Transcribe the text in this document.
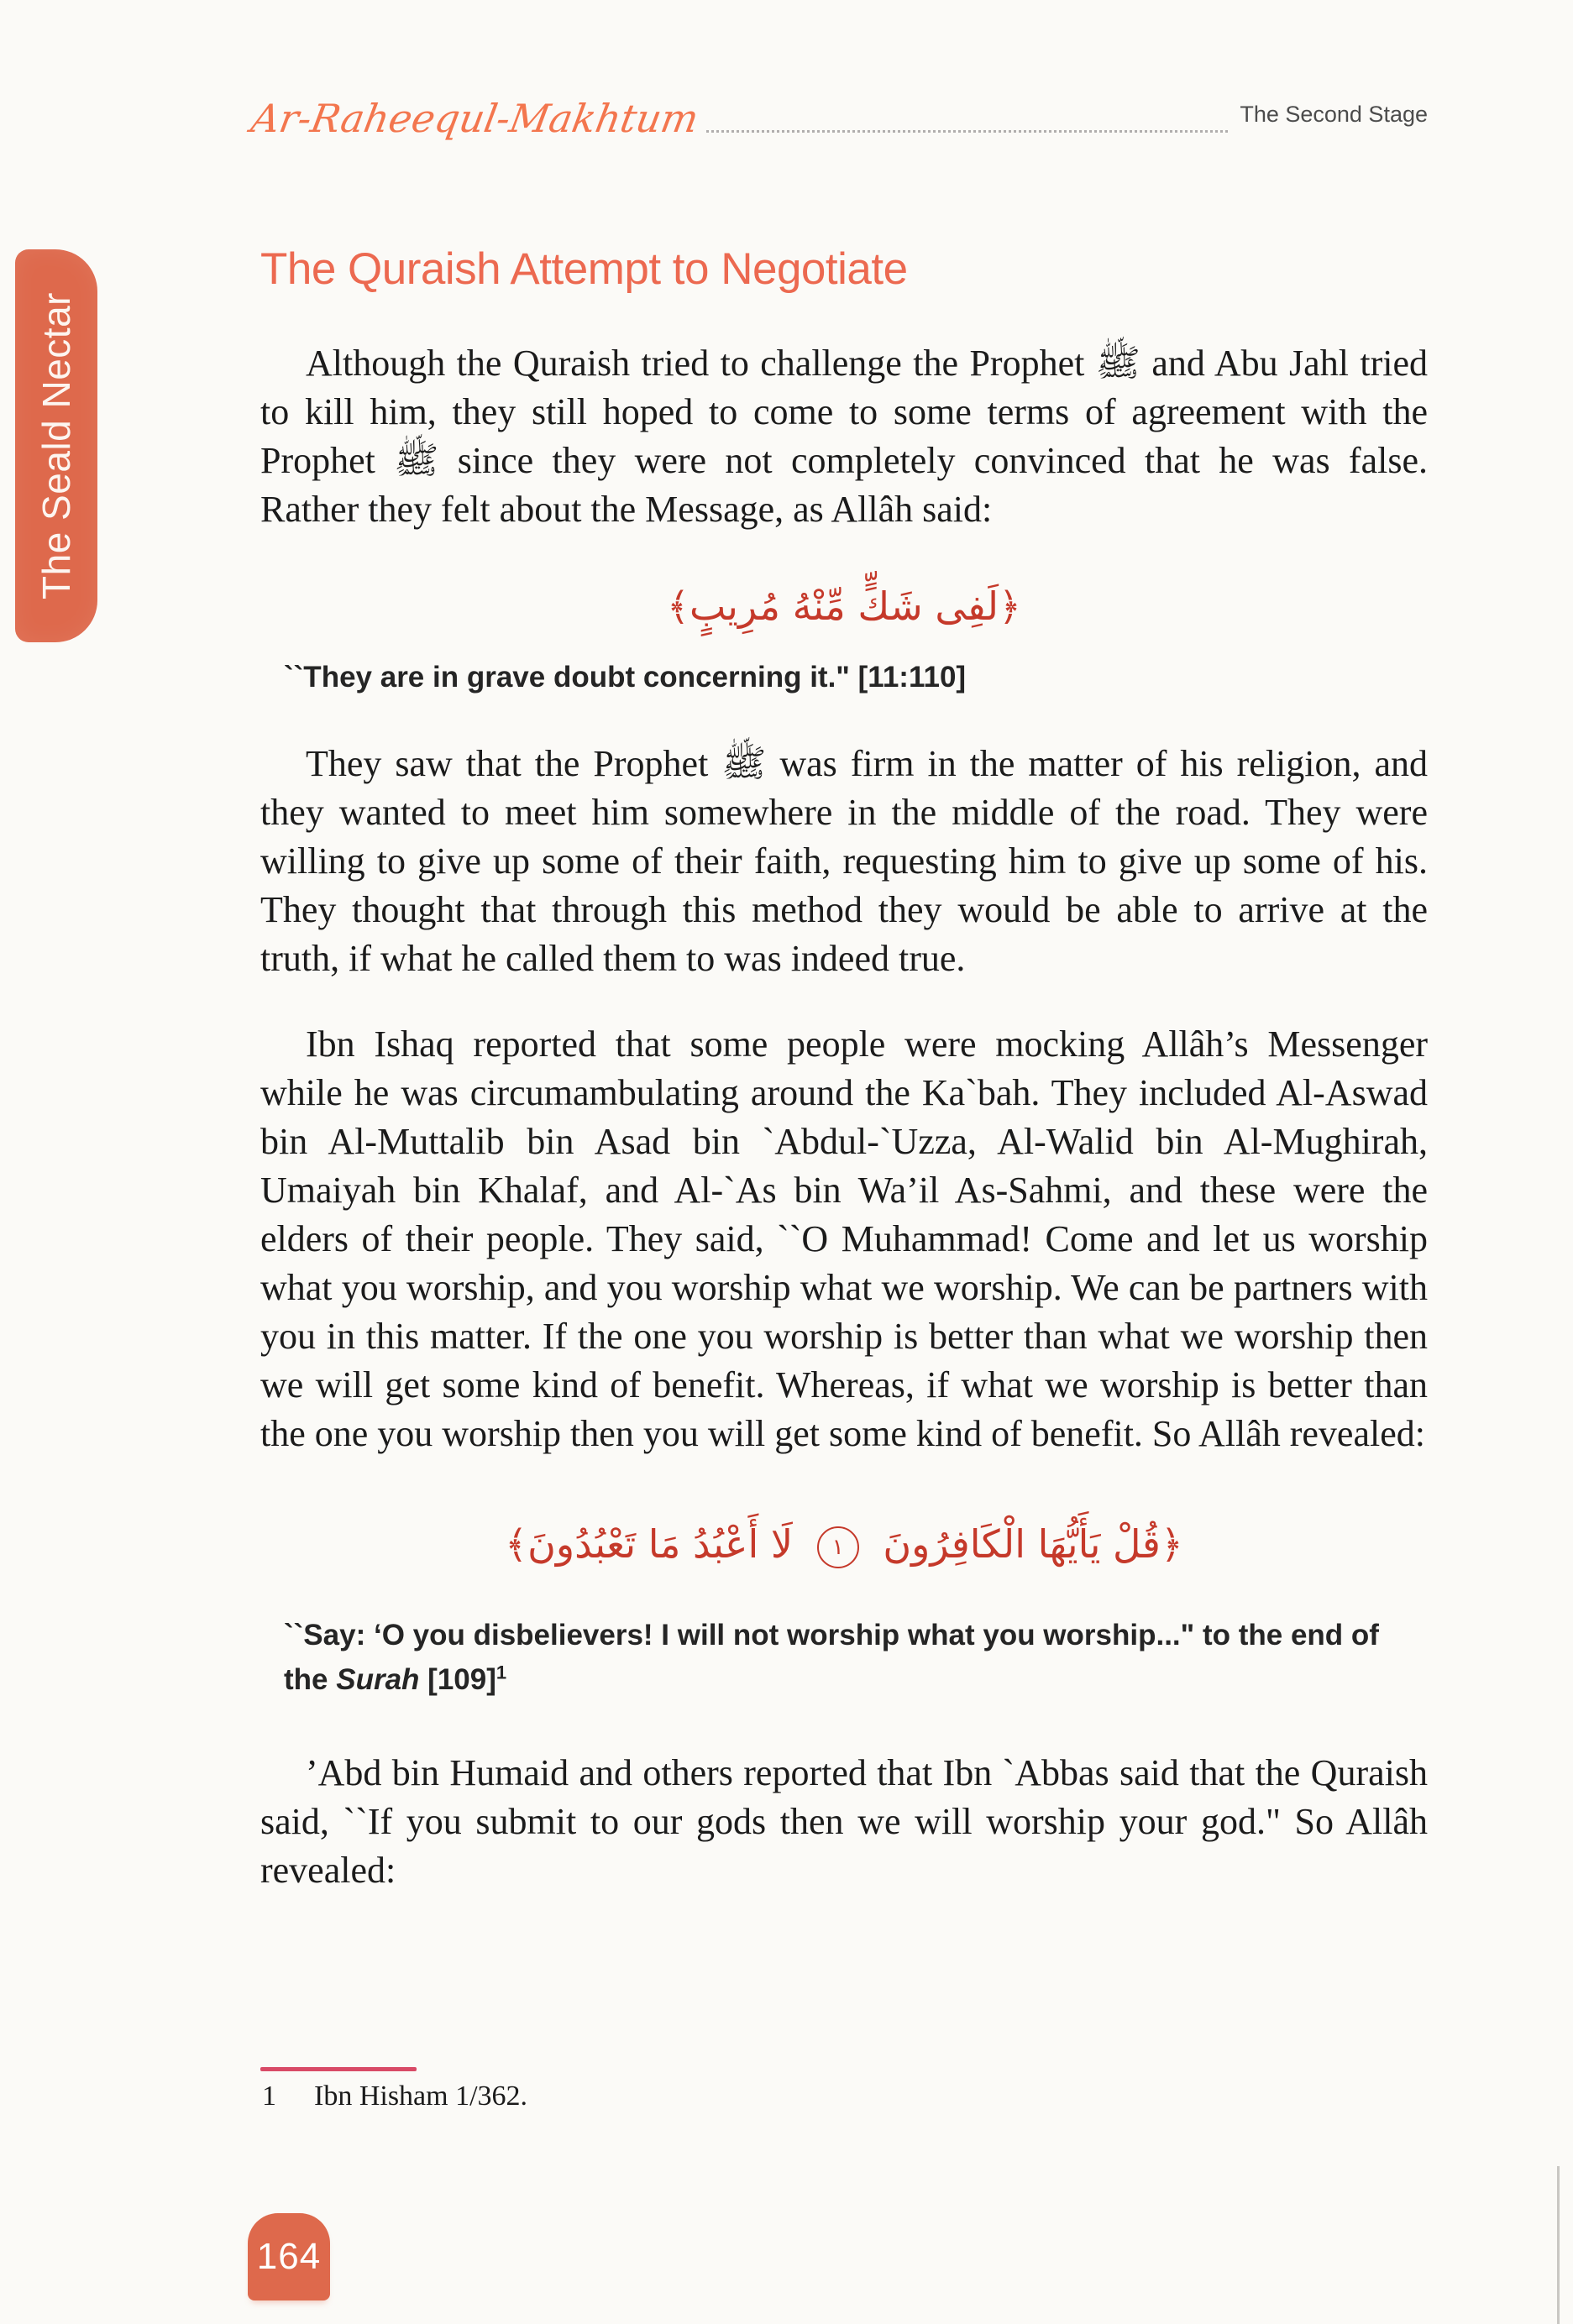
The Seald Nectar
Ar-Raheequl-Makhtum	The Second Stage
The Quraish Attempt to Negotiate

Although the Quraish tried to challenge the Prophet ﷺ and Abu Jahl tried to kill him, they still hoped to come to some terms of agreement with the Prophet ﷺ since they were not completely convinced that he was false. Rather they felt about the Message, as Allâh said:

﴿لَفِى شَكٍّ مِّنْهُ مُرِيبٍ﴾

``They are in grave doubt concerning it." [11:110]

They saw that the Prophet ﷺ was firm in the matter of his religion, and they wanted to meet him somewhere in the middle of the road. They were willing to give up some of their faith, requesting him to give up some of his. They thought that through this method they would be able to arrive at the truth, if what he called them to was indeed true.

Ibn Ishaq reported that some people were mocking Allâh’s Messenger while he was circumambulating around the Ka`bah. They included Al-Aswad bin Al-Muttalib bin Asad bin `Abdul-`Uzza, Al-Walid bin Al-Mughirah, Umaiyah bin Khalaf, and Al-`As bin Wa’il As-Sahmi, and these were the elders of their people. They said, ``O Muhammad! Come and let us worship what you worship, and you worship what we worship. We can be partners with you in this matter. If the one you worship is better than what we worship then we will get some kind of benefit. Whereas, if what we worship is better than the one you worship then you will get some kind of benefit. So Allâh revealed:

﴿قُلْ يَأَيُّهَا الْكَافِرُونَ ١ لَا أَعْبُدُ مَا تَعْبُدُونَ﴾

``Say: ‘O you disbelievers! I will not worship what you worship..." to the end of the Surah $[109]^1$

’Abd bin Humaid and others reported that Ibn `Abbas said that the Quraish said, ``If you submit to our gods then we will worship your god." So Allâh revealed:

1	Ibn Hisham 1/362.
164
